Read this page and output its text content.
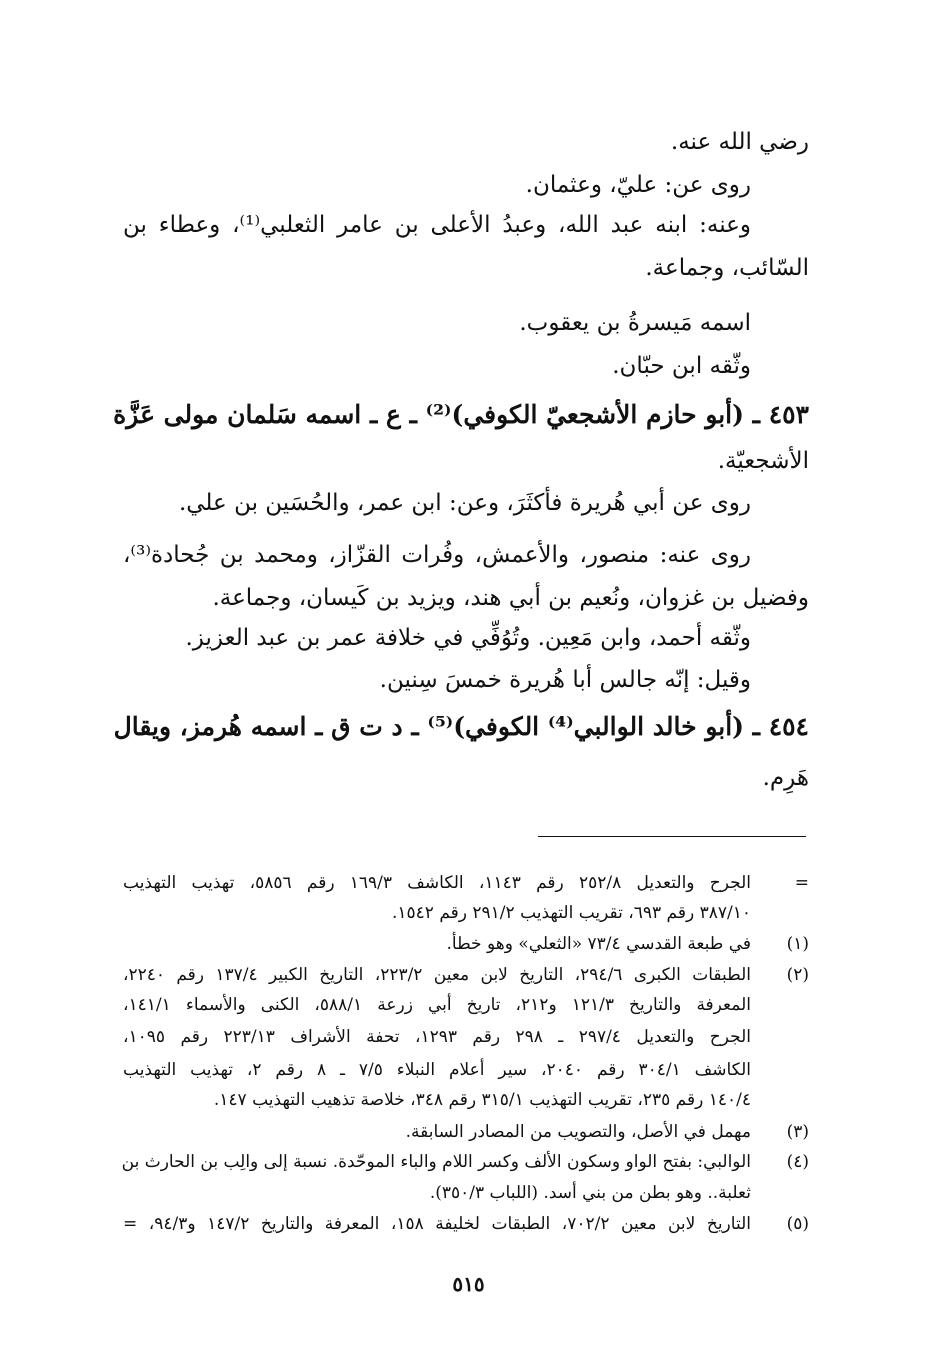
رضي الله عنه.
روى عن: عليّ، وعثمان.
وعنه: ابنه عبد الله، وعبدُ الأعلى بن عامر الثعلبي⁽¹⁾، وعطاء بن
السّائب، وجماعة.
اسمه مَيسرةُ بن يعقوب.
وثّقه ابن حبّان.
٤٥٣ ـ (أبو حازم الأشجعيّ الكوفي)⁽²⁾ ـ ع ـ اسمه سَلمان مولى عَزَّة
الأشجعيّة.
روى عن أبي هُريرة فأكثَرَ، وعن: ابن عمر، والحُسَين بن علي.
روى عنه: منصور، والأعمش، وفُرات القزّاز، ومحمد بن جُحادة⁽³⁾،
وفضيل بن غزوان، ونُعيم بن أبي هند، ويزيد بن كَيسان، وجماعة.
وثّقه أحمد، وابن مَعِين. وتُوُفِّي في خلافة عمر بن عبد العزيز.
وقيل: إنّه جالس أبا هُريرة خمسَ سِنين.
٤٥٤ ـ (أبو خالد الوالبي⁽⁴⁾ الكوفي)⁽⁵⁾ ـ د ت ق ـ اسمه هُرمز، ويقال
هَرِم.
=
الجرح والتعديل ٢٥٢/٨ رقم ١١٤٣، الكاشف ١٦٩/٣ رقم ٥٨٥٦، تهذيب التهذيب
٣٨٧/١٠ رقم ٦٩٣، تقريب التهذيب ٢٩١/٢ رقم ١٥٤٢.
(١)
في طبعة القدسي ٧٣/٤ «الثعلي» وهو خطأ.
(٢)
الطبقات الكبرى ٢٩٤/٦، التاريخ لابن معين ٢٢٣/٢، التاريخ الكبير ١٣٧/٤ رقم ٢٢٤٠،
المعرفة والتاريخ ١٢١/٣ و٢١٢، تاريخ أبي زرعة ٥٨٨/١، الكنى والأسماء ١٤١/١،
الجرح والتعديل ٢٩٧/٤ ـ ٢٩٨ رقم ١٢٩٣، تحفة الأشراف ٢٢٣/١٣ رقم ١٠٩٥،
الكاشف ٣٠٤/١ رقم ٢٠٤٠، سير أعلام النبلاء ٧/٥ ـ ٨ رقم ٢، تهذيب التهذيب
١٤٠/٤ رقم ٢٣٥، تقريب التهذيب ٣١٥/١ رقم ٣٤٨، خلاصة تذهيب التهذيب ١٤٧.
(٣)
مهمل في الأصل، والتصويب من المصادر السابقة.
(٤)
الوالبي: بفتح الواو وسكون الألف وكسر اللام والباء الموحّدة. نسبة إلى والِب بن الحارث بن
ثعلبة.. وهو بطن من بني أسد. (اللباب ٣٥٠/٣).
(٥)
التاريخ لابن معين ٧٠٢/٢، الطبقات لخليفة ١٥٨، المعرفة والتاريخ ١٤٧/٢ و٩٤/٣، =
٥١٥
